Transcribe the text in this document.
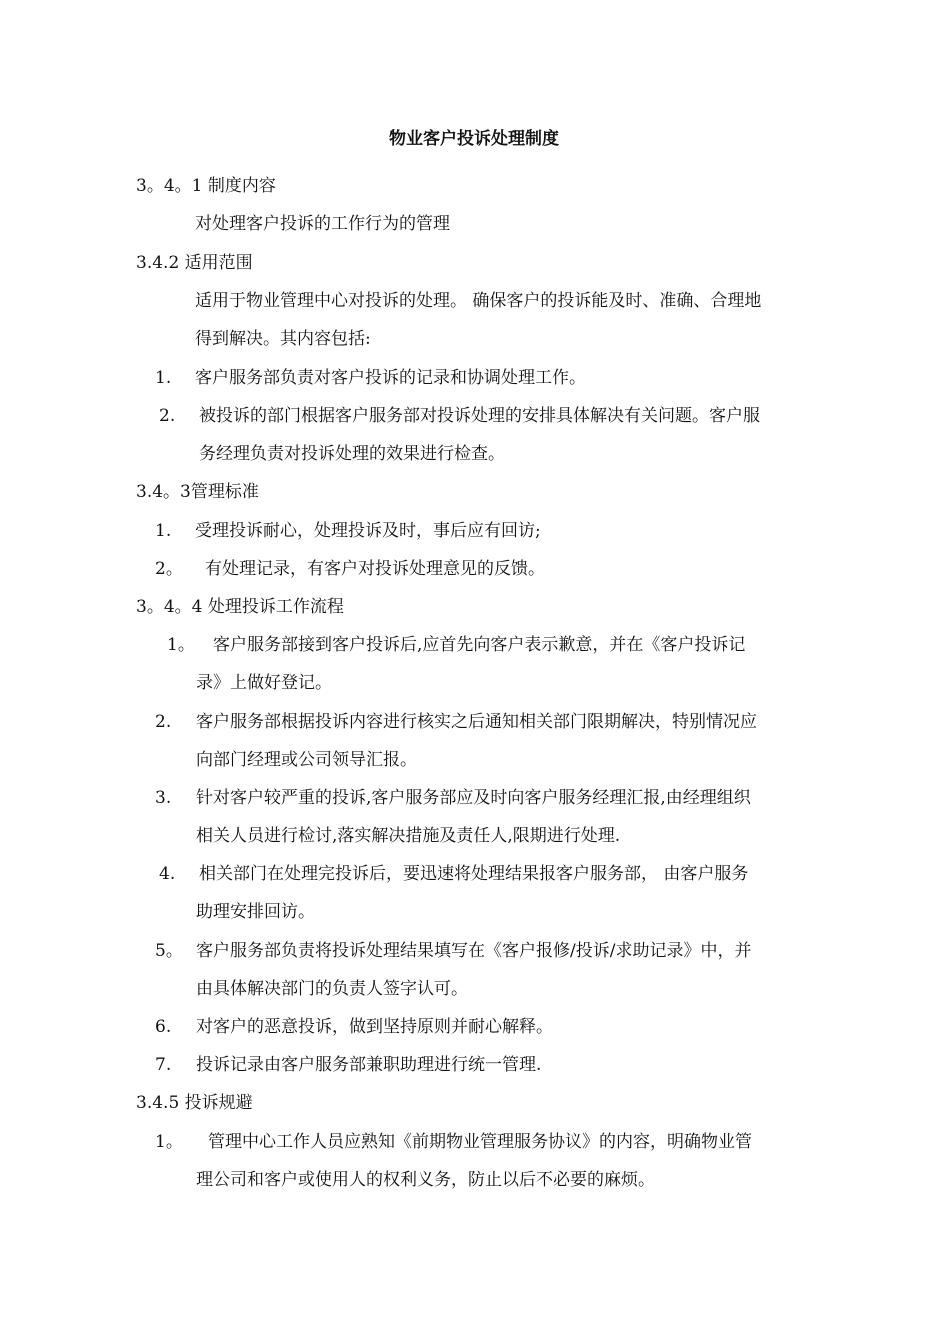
物业客户投诉处理制度
3。4。1 制度内容
对处理客户投诉的工作行为的管理
3.4.2 适用范围
适用于物业管理中心对投诉的处理。 确保客户的投诉能及时、准确、合理地
得到解决。其内容包括:
1. 客户服务部负责对客户投诉的记录和协调处理工作。
2. 被投诉的部门根据客户服务部对投诉处理的安排具体解决有关问题。客户服
务经理负责对投诉处理的效果进行检查。
3.4。3管理标准
1. 受理投诉耐心，处理投诉及时，事后应有回访;
2。 有处理记录，有客户对投诉处理意见的反馈。
3。4。4 处理投诉工作流程
1。 客户服务部接到客户投诉后,应首先向客户表示歉意，并在《客户投诉记
录》上做好登记。
2. 客户服务部根据投诉内容进行核实之后通知相关部门限期解决，特别情况应
向部门经理或公司领导汇报。
3. 针对客户较严重的投诉,客户服务部应及时向客户服务经理汇报,由经理组织
相关人员进行检讨,落实解决措施及责任人,限期进行处理.
4. 相关部门在处理完投诉后，要迅速将处理结果报客户服务部， 由客户服务
助理安排回访。
5。 客户服务部负责将投诉处理结果填写在《客户报修/投诉/求助记录》中，并
由具体解决部门的负责人签字认可。
6. 对客户的恶意投诉，做到坚持原则并耐心解释。
7. 投诉记录由客户服务部兼职助理进行统一管理.
3.4.5 投诉规避
1。 管理中心工作人员应熟知《前期物业管理服务协议》的内容，明确物业管
理公司和客户或使用人的权利义务，防止以后不必要的麻烦。
